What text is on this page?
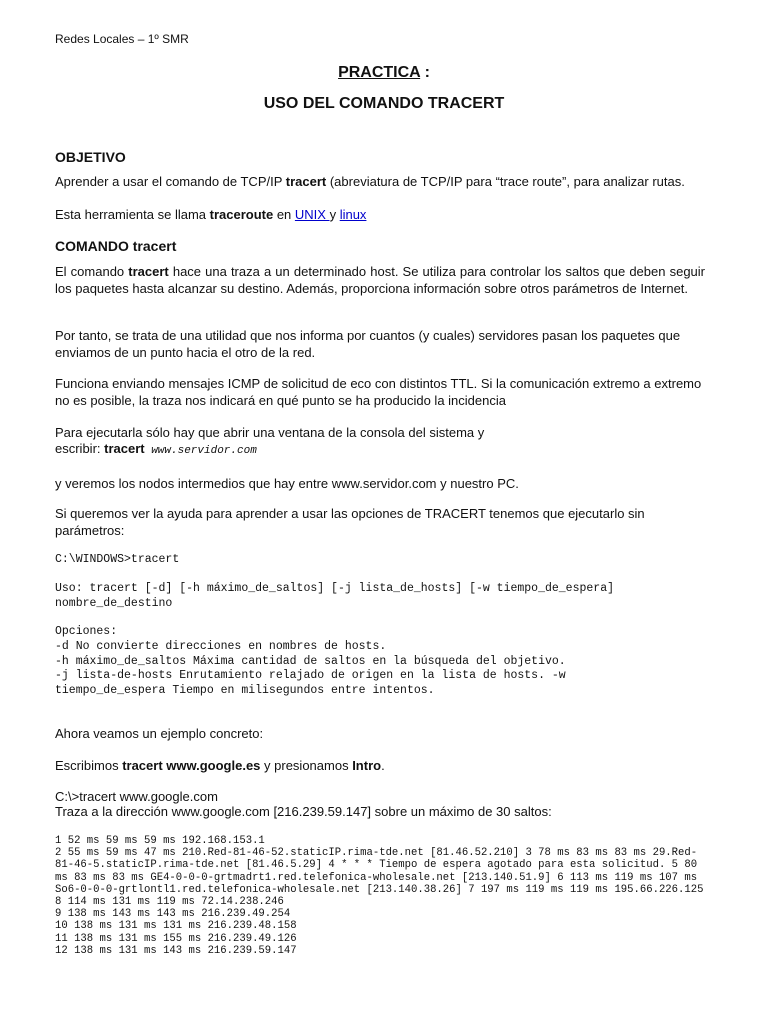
Redes Locales – 1º SMR
PRACTICA :
USO DEL COMANDO TRACERT
OBJETIVO
Aprender a usar el comando de TCP/IP tracert (abreviatura de TCP/IP para “trace route”, para analizar rutas.
Esta herramienta se llama traceroute en UNIX y linux
COMANDO tracert
El comando tracert hace una traza a un determinado host. Se utiliza para controlar los saltos que deben seguir los paquetes hasta alcanzar su destino. Además, proporciona información sobre otros parámetros de Internet.
Por tanto, se trata de una utilidad que nos informa por cuantos (y cuales) servidores pasan los paquetes que enviamos de un punto hacia el otro de la red.
Funciona enviando mensajes ICMP de solicitud de eco con distintos TTL. Si la comunicación extremo a extremo no es posible, la traza nos indicará en qué punto se ha producido la incidencia
Para ejecutarla sólo hay que abrir una ventana de la consola del sistema y
escribir: tracert www.servidor.com
y veremos los nodos intermedios que hay entre www.servidor.com y nuestro PC.
Si queremos ver la ayuda para aprender a usar las opciones de TRACERT tenemos que ejecutarlo sin parámetros:
C:\WINDOWS>tracert
Uso: tracert [-d] [-h máximo_de_saltos] [-j lista_de_hosts] [-w tiempo_de_espera]
nombre_de_destino
Opciones:
-d No convierte direcciones en nombres de hosts.
-h máximo_de_saltos Máxima cantidad de saltos en la búsqueda del objetivo.
-j lista-de-hosts Enrutamiento relajado de origen en la lista de hosts. -w
tiempo_de_espera Tiempo en milisegundos entre intentos.
Ahora veamos un ejemplo concreto:
Escribimos tracert www.google.es y presionamos Intro.
C:\>tracert www.google.com
Traza a la dirección www.google.com [216.239.59.147] sobre un máximo de 30 saltos:
1 52 ms 59 ms 59 ms 192.168.153.1
2 55 ms 59 ms 47 ms 210.Red-81-46-52.staticIP.rima-tde.net [81.46.52.210] 3 78 ms 83 ms 83 ms 29.Red-81-46-5.staticIP.rima-tde.net [81.46.5.29] 4 * * * Tiempo de espera agotado para esta solicitud. 5 80 ms 83 ms 83 ms GE4-0-0-0-grtmadrt1.red.telefonica-wholesale.net [213.140.51.9] 6 113 ms 119 ms 107 ms So6-0-0-0-grtlontl1.red.telefonica-wholesale.net [213.140.38.26] 7 197 ms 119 ms 119 ms 195.66.226.125
8 114 ms 131 ms 119 ms 72.14.238.246
9 138 ms 143 ms 143 ms 216.239.49.254
10 138 ms 131 ms 131 ms 216.239.48.158
11 138 ms 131 ms 155 ms 216.239.49.126
12 138 ms 131 ms 143 ms 216.239.59.147
